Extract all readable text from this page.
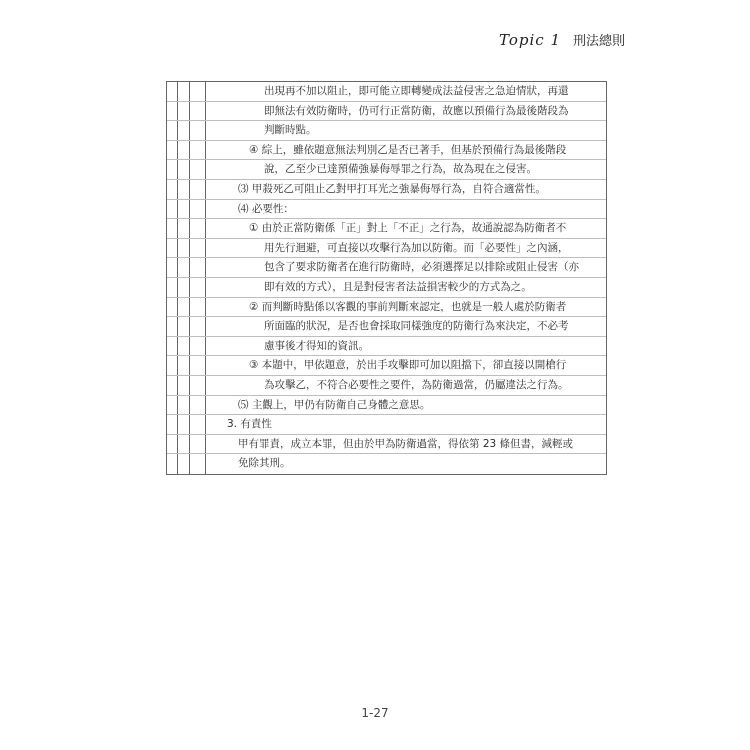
Topic 1 刑法總則
出現再不加以阻止，即可能立即轉變成法益侵害之急迫情狀，再還
即無法有效防衛時，仍可行正當防衛，故應以預備行為最後階段為
判斷時點。
④ 綜上，雖依題意無法判別乙是否已著手，但基於預備行為最後階段
說，乙至少已達預備強暴侮辱罪之行為，故為現在之侵害。
⑶ 甲殺死乙可阻止乙對甲打耳光之強暴侮辱行為，自符合適當性。
⑷ 必要性：
① 由於正當防衛係「正」對上「不正」之行為，故通說認為防衛者不
用先行迴避，可直接以攻擊行為加以防衛。而「必要性」之內涵，
包含了要求防衛者在進行防衛時，必須選擇足以排除或阻止侵害（亦
即有效的方式），且是對侵害者法益損害較少的方式為之。
② 而判斷時點係以客觀的事前判斷來認定，也就是一般人處於防衛者
所面臨的狀況，是否也會採取同樣強度的防衛行為來決定，不必考
慮事後才得知的資訊。
③ 本題中，甲依題意，於出手攻擊即可加以阻擋下，卻直接以開槍行
為攻擊乙，不符合必要性之要件，為防衛過當，仍屬違法之行為。
⑸ 主觀上，甲仍有防衛自己身體之意思。
3. 有責性
甲有罪責，成立本罪，但由於甲為防衛過當，得依第 23 條但書，減輕或
免除其刑。
1-27
